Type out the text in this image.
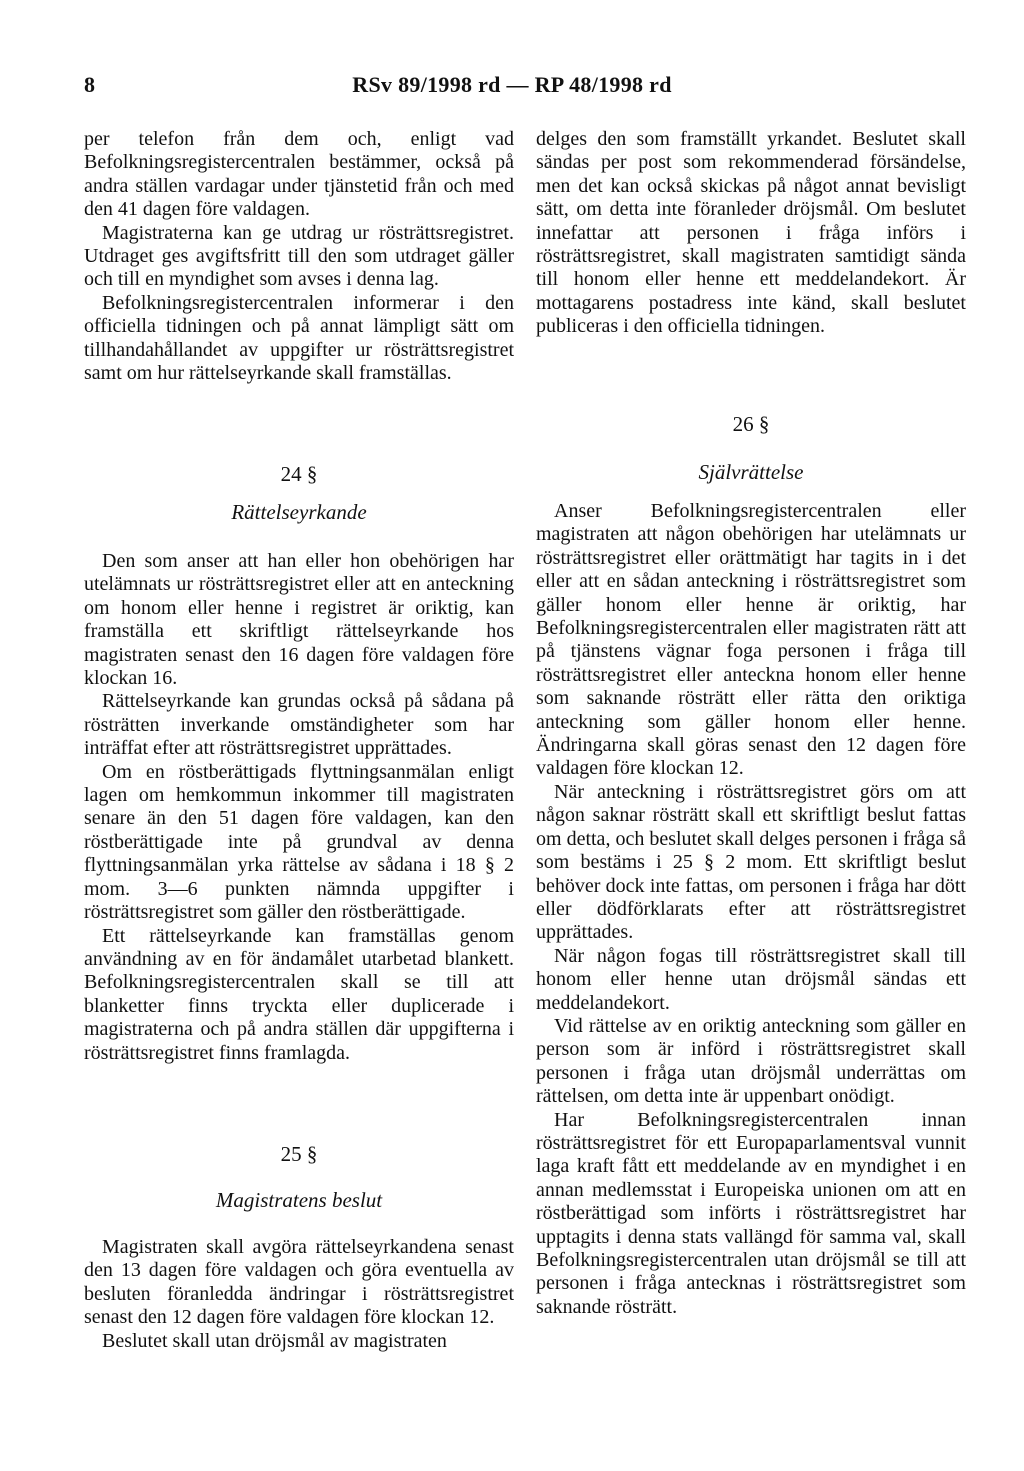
8	RSv 89/1998 rd — RP 48/1998 rd

per telefon från dem och, enligt vad Befolkningsregistercentralen bestämmer, också på andra ställen vardagar under tjänstetid från och med den 41 dagen före valdagen.

Magistraterna kan ge utdrag ur rösträttsregistret. Utdraget ges avgiftsfritt till den som utdraget gäller och till en myndighet som avses i denna lag.

Befolkningsregistercentralen informerar i den officiella tidningen och på annat lämpligt sätt om tillhandahållandet av uppgifter ur rösträttsregistret samt om hur rättelseyrkande skall framställas.

24 §
Rättelseyrkande

Den som anser att han eller hon obehörigen har utelämnats ur rösträttsregistret eller att en anteckning om honom eller henne i registret är oriktig, kan framställa ett skriftligt rättelseyrkande hos magistraten senast den 16 dagen före valdagen före klockan 16.

Rättelseyrkande kan grundas också på sådana på rösträtten inverkande omständigheter som har inträffat efter att rösträttsregistret upprättades.

Om en röstberättigads flyttningsanmälan enligt lagen om hemkommun inkommer till magistraten senare än den 51 dagen före valdagen, kan den röstberättigade inte på grundval av denna flyttningsanmälan yrka rättelse av sådana i 18 § 2 mom. 3—6 punkten nämnda uppgifter i rösträttsregistret som gäller den röstberättigade.

Ett rättelseyrkande kan framställas genom användning av en för ändamålet utarbetad blankett. Befolkningsregistercentralen skall se till att blanketter finns tryckta eller duplicerade i magistraterna och på andra ställen där uppgifterna i rösträttsregistret finns framlagda.

25 §
Magistratens beslut

Magistraten skall avgöra rättelseyrkandena senast den 13 dagen före valdagen och göra eventuella av besluten föranledda ändringar i rösträttsregistret senast den 12 dagen före valdagen före klockan 12.

Beslutet skall utan dröjsmål av magistraten

delges den som framställt yrkandet. Beslutet skall sändas per post som rekommenderad försändelse, men det kan också skickas på något annat bevisligt sätt, om detta inte föranleder dröjsmål. Om beslutet innefattar att personen i fråga införs i rösträttsregistret, skall magistraten samtidigt sända till honom eller henne ett meddelandekort. Är mottagarens postadress inte känd, skall beslutet publiceras i den officiella tidningen.

26 §
Självrättelse

Anser Befolkningsregistercentralen eller magistraten att någon obehörigen har utelämnats ur rösträttsregistret eller orättmätigt har tagits in i det eller att en sådan anteckning i rösträttsregistret som gäller honom eller henne är oriktig, har Befolkningsregistercentralen eller magistraten rätt att på tjänstens vägnar foga personen i fråga till rösträttsregistret eller anteckna honom eller henne som saknande rösträtt eller rätta den oriktiga anteckning som gäller honom eller henne. Ändringarna skall göras senast den 12 dagen före valdagen före klockan 12.

När anteckning i rösträttsregistret görs om att någon saknar rösträtt skall ett skriftligt beslut fattas om detta, och beslutet skall delges personen i fråga så som bestäms i 25 § 2 mom. Ett skriftligt beslut behöver dock inte fattas, om personen i fråga har dött eller dödförklarats efter att rösträttsregistret upprättades.

När någon fogas till rösträttsregistret skall till honom eller henne utan dröjsmål sändas ett meddelandekort.

Vid rättelse av en oriktig anteckning som gäller en person som är införd i rösträttsregistret skall personen i fråga utan dröjsmål underrättas om rättelsen, om detta inte är uppenbart onödigt.

Har Befolkningsregistercentralen innan rösträttsregistret för ett Europaparlamentsval vunnit laga kraft fått ett meddelande av en myndighet i en annan medlemsstat i Europeiska unionen om att en röstberättigad som införts i rösträttsregistret har upptagits i denna stats vallängd för samma val, skall Befolkningsregistercentralen utan dröjsmål se till att personen i fråga antecknas i rösträttsregistret som saknande rösträtt.
